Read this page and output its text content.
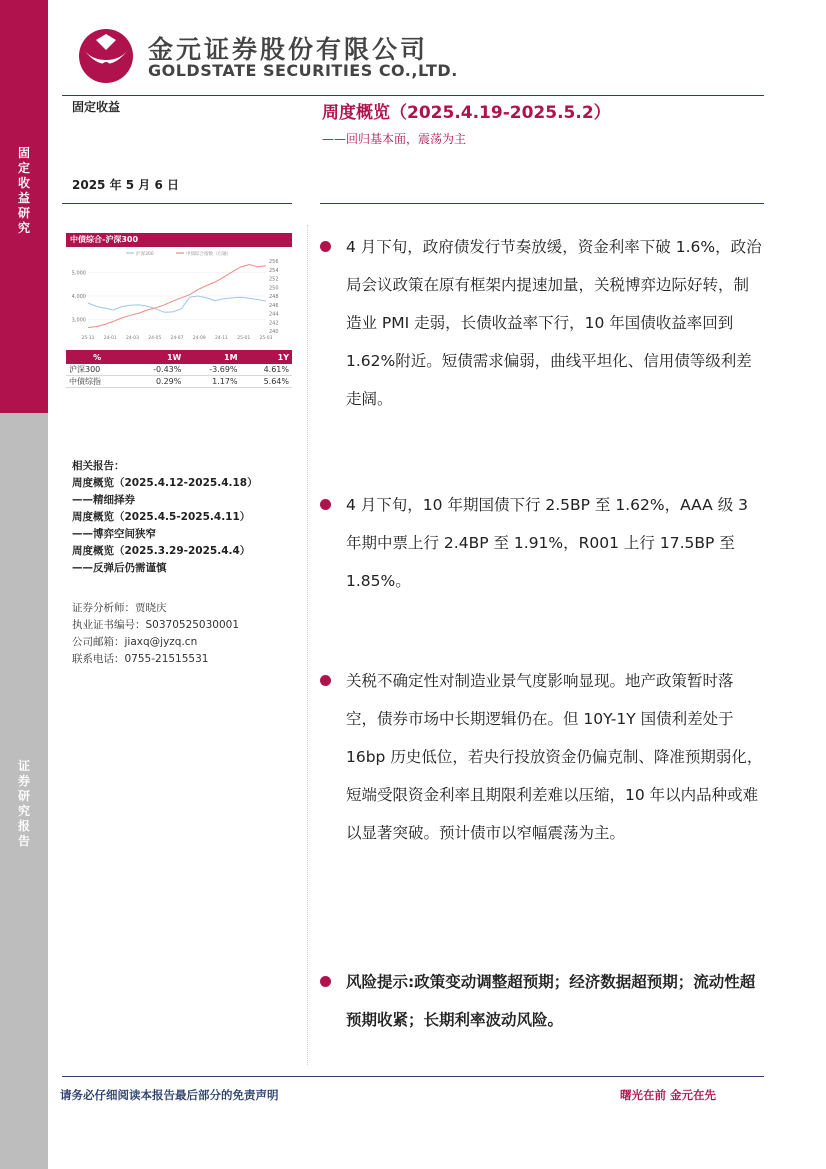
固定收益研究
证券研究报告
金元证券股份有限公司
GOLDSTATE SECURITIES CO.,LTD.
固定收益
2025 年 5 月 6 日
周度概览（2025.4.19-2025.5.2）
——回归基本面，震荡为主
中债综合-沪深300
3,000
4,000
5,000
240
242
244
246
248
250
252
254
256
25-11 24-01 24-03 24-05 24-07 24-09 24-11 25-01 25-03
沪深300	中债综合指数（右轴）
%	1W	1M	1Y
沪深300	-0.43%	-3.69%	4.61%
中债综指	0.29%	1.17%	5.64%
相关报告：
周度概览（2025.4.12-2025.4.18）
——精细择券
周度概览（2025.4.5-2025.4.11）
——博弈空间狭窄
周度概览（2025.3.29-2025.4.4）
——反弹后仍需谨慎
证券分析师：贾晓庆
执业证书编号：S0370525030001
公司邮箱：jiaxq@jyzq.cn
联系电话：0755-21515531
4 月下旬，政府债发行节奏放缓，资金利率下破 1.6%，政治局会议政策在原有框架内提速加量，关税博弈边际好转，制造业 PMI 走弱，长债收益率下行，10 年国债收益率回到 1.62%附近。短债需求偏弱，曲线平坦化、信用债等级利差走阔。
4 月下旬，10 年期国债下行 2.5BP 至 1.62%，AAA 级 3 年期中票上行 2.4BP 至 1.91%，R001 上行 17.5BP 至 1.85%。
关税不确定性对制造业景气度影响显现。地产政策暂时落空，债券市场中长期逻辑仍在。但 10Y-1Y 国债利差处于 16bp 历史低位，若央行投放资金仍偏克制、降准预期弱化，短端受限资金利率且期限利差难以压缩，10 年以内品种或难以显著突破。预计债市以窄幅震荡为主。
风险提示:政策变动调整超预期；经济数据超预期；流动性超预期收紧；长期利率波动风险。
请务必仔细阅读本报告最后部分的免责声明	曙光在前 金元在先
